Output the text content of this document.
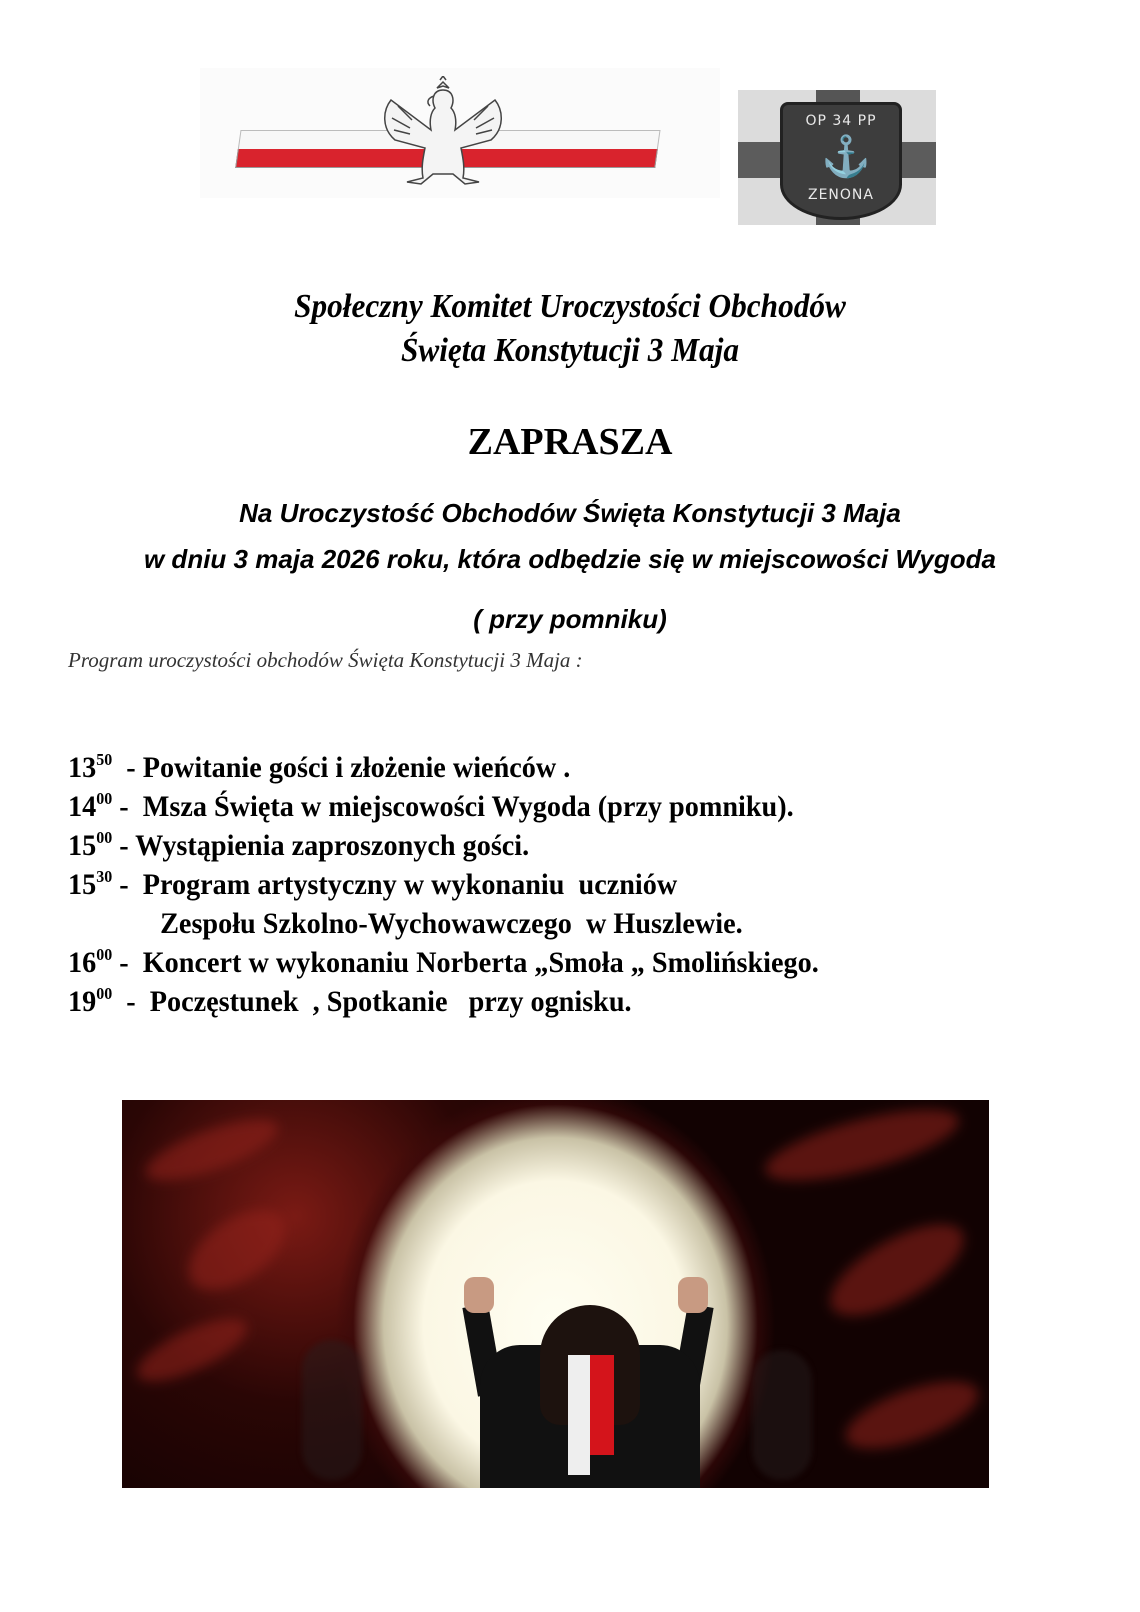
OP 34 PP
⚓
ZENONA
Społeczny Komitet Uroczystości Obchodów
Święta Konstytucji 3 Maja
ZAPRASZA
Na Uroczystość Obchodów Święta Konstytucji 3 Maja
w dniu 3 maja 2026 roku, która odbędzie się w miejscowości Wygoda
( przy pomniku)
Program uroczystości obchodów Święta Konstytucji 3 Maja :
$13^{50}$  - Powitanie gości i złożenie wieńców .
$14^{00}$ -  Msza Święta w miejscowości Wygoda (przy pomniku).
$15^{00}$ - Wystąpienia zaproszonych gości.
$15^{30}$ -  Program artystyczny w wykonaniu  uczniów
Zespołu Szkolno-Wychowawczego  w Huszlewie.
$16^{00}$ -  Koncert w wykonaniu Norberta „Smoła „ Smolińskiego.
$19^{00}$  -  Poczęstunek  , Spotkanie   przy ognisku.
